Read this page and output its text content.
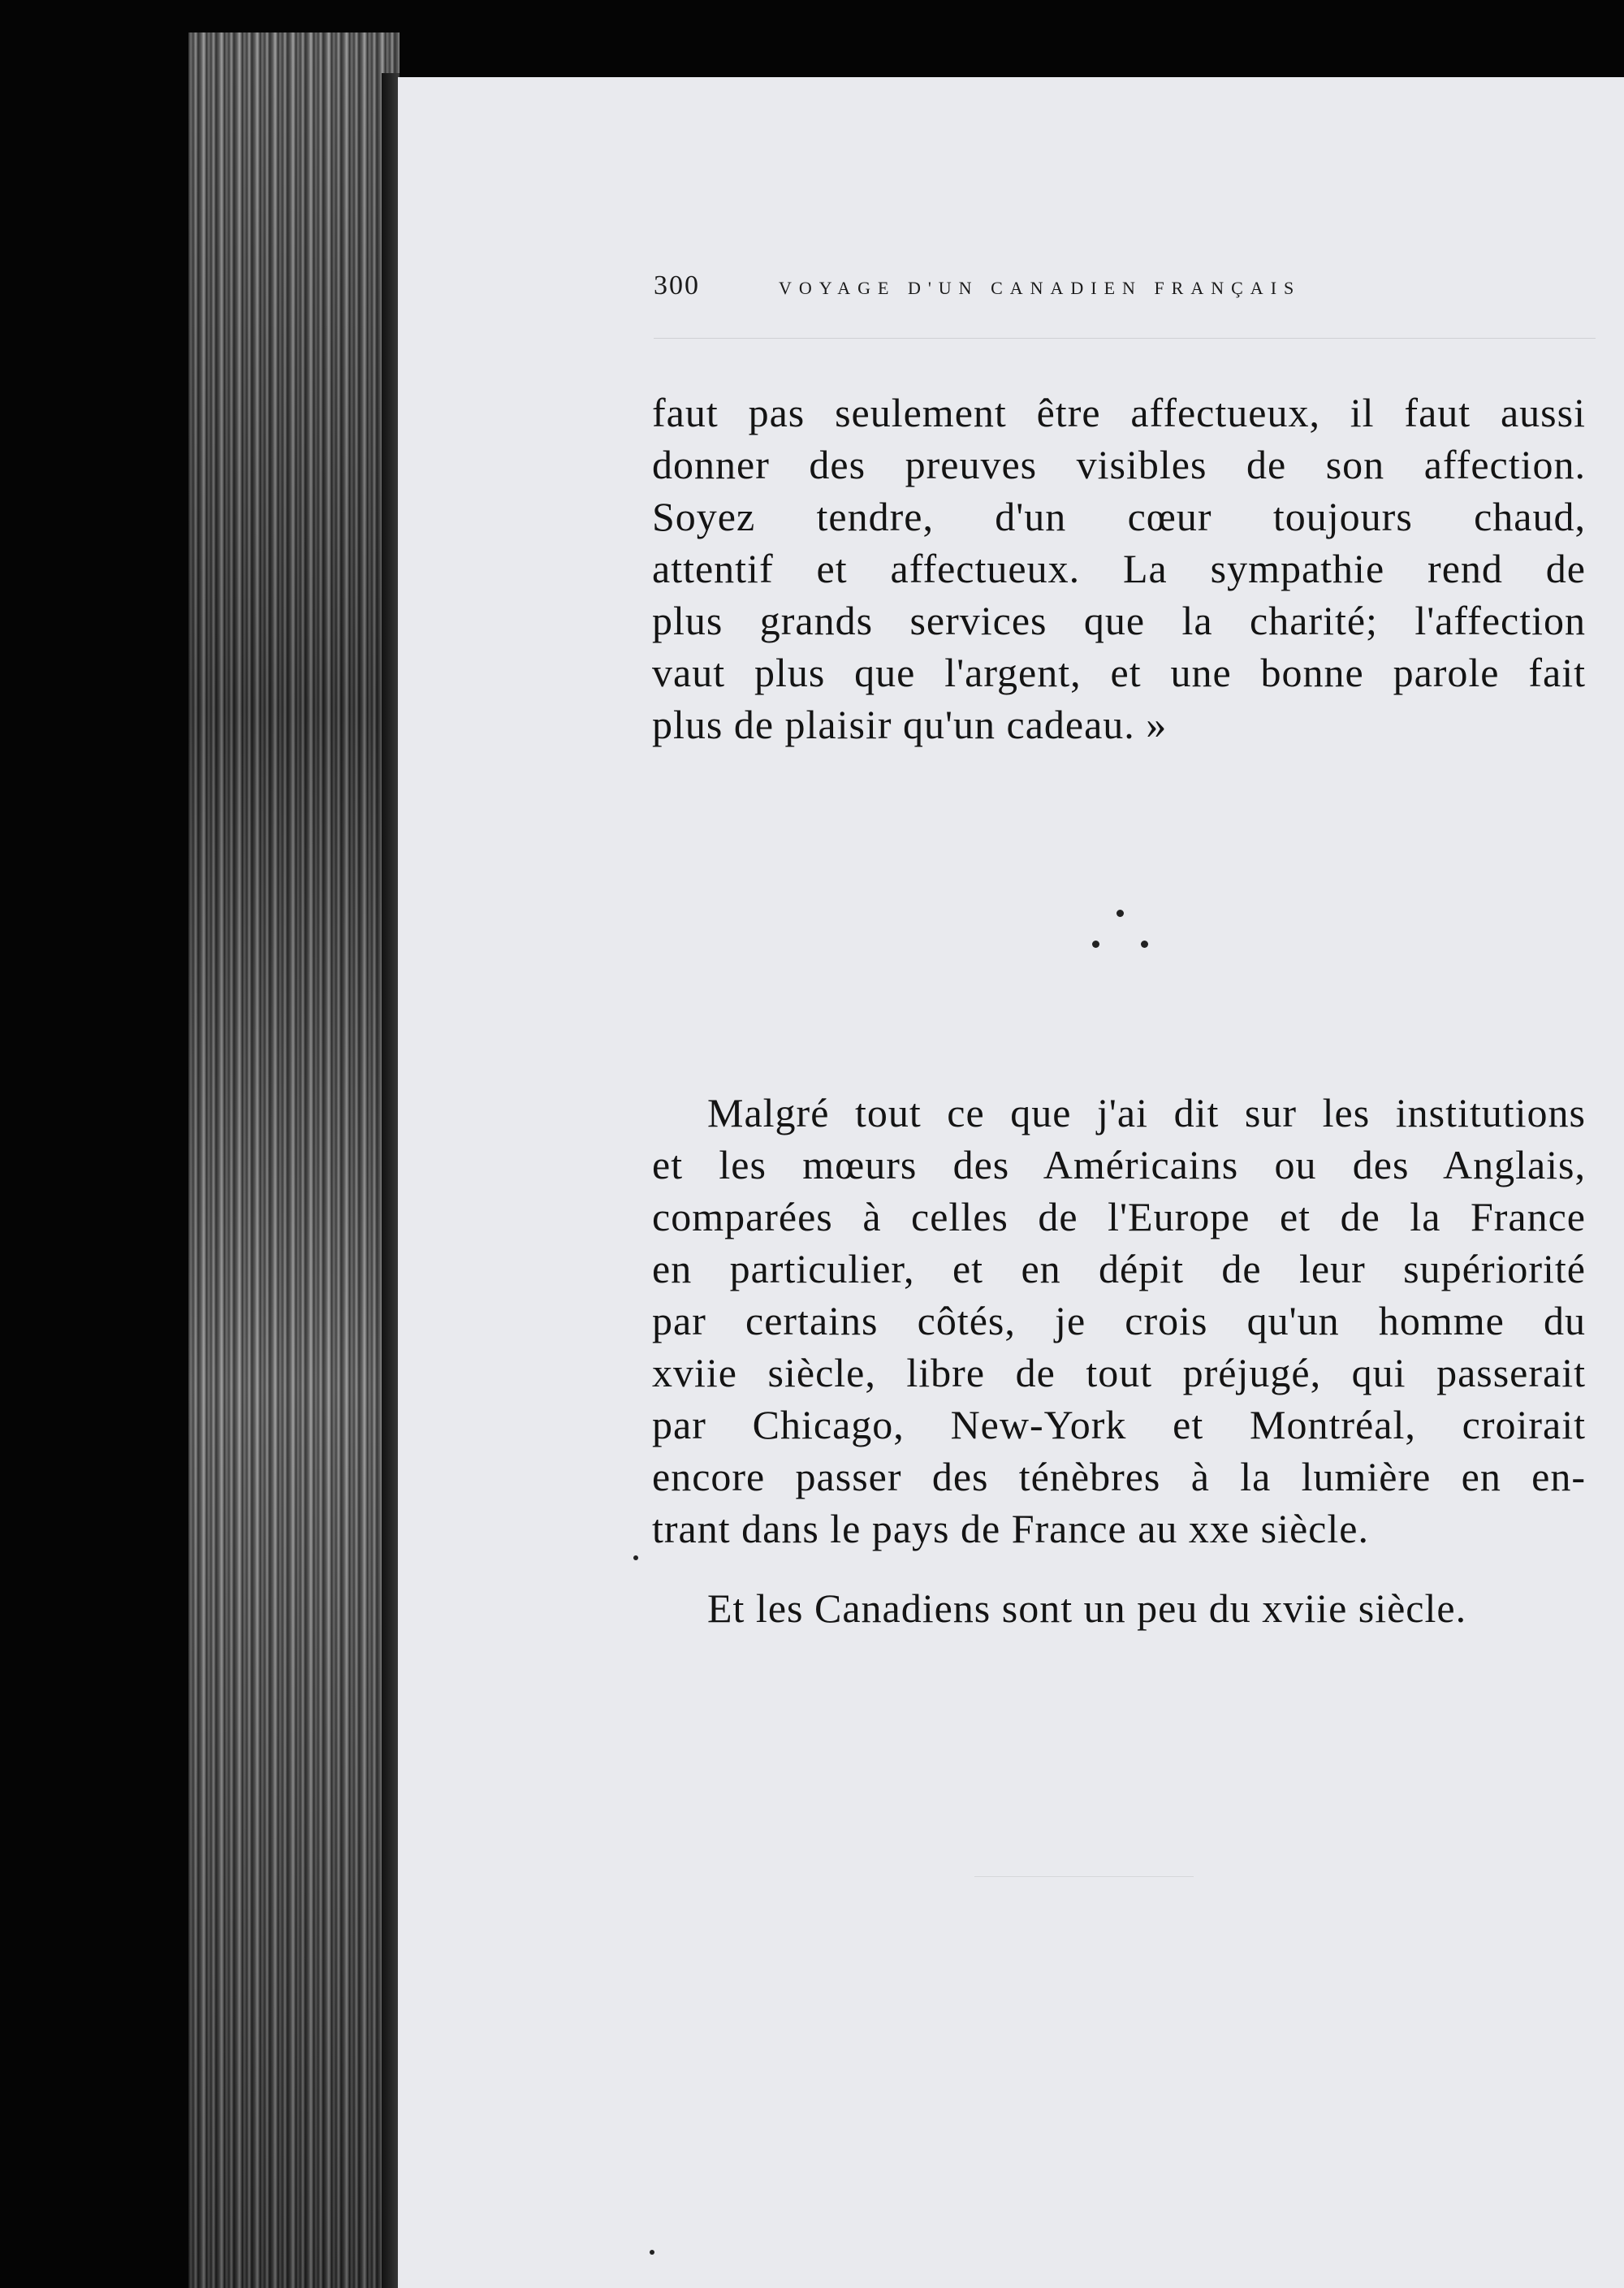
300	VOYAGE D'UN CANADIEN FRANÇAIS
faut pas seulement être affectueux, il faut aussi
donner des preuves visibles de son affection.
Soyez tendre, d'un cœur toujours chaud,
attentif et affectueux. La sympathie rend de
plus grands services que la charité; l'affection
vaut plus que l'argent, et une bonne parole fait
plus de plaisir qu'un cadeau. »
Malgré tout ce que j'ai dit sur les institutions
et les mœurs des Américains ou des Anglais,
comparées à celles de l'Europe et de la France
en particulier, et en dépit de leur supériorité
par certains côtés, je crois qu'un homme du
xviie siècle, libre de tout préjugé, qui passerait
par Chicago, New-York et Montréal, croirait
encore passer des ténèbres à la lumière en en-
trant dans le pays de France au xxe siècle.
Et les Canadiens sont un peu du xviie siècle.
